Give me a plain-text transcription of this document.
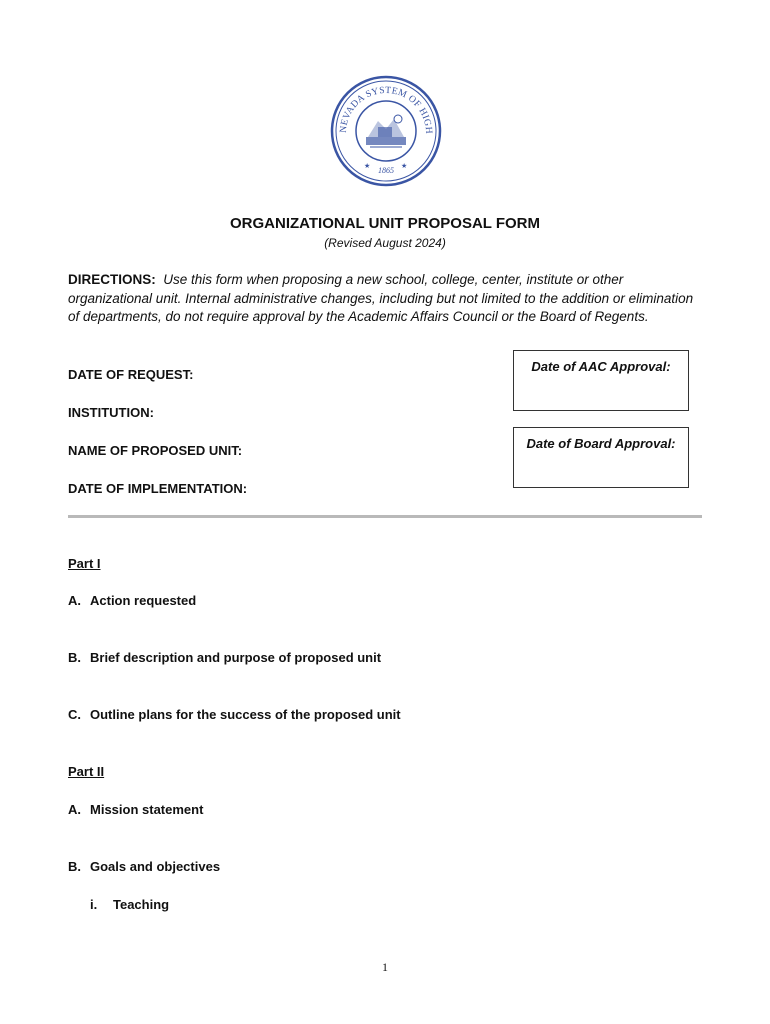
NEVADA SYSTEM OF HIGH
★	★
1865
ORGANIZATIONAL UNIT PROPOSAL FORM
(Revised August 2024)
DIRECTIONS: Use this form when proposing a new school, college, center, institute or other organizational unit. Internal administrative changes, including but not limited to the addition or elimination of departments, do not require approval by the Academic Affairs Council or the Board of Regents.
DATE OF REQUEST:
INSTITUTION:
NAME OF PROPOSED UNIT:
DATE OF IMPLEMENTATION:
Date of AAC Approval:
Date of Board Approval:
Part I
A. Action requested
B. Brief description and purpose of proposed unit
C. Outline plans for the success of the proposed unit
Part II
A. Mission statement
B. Goals and objectives
i. Teaching
1
